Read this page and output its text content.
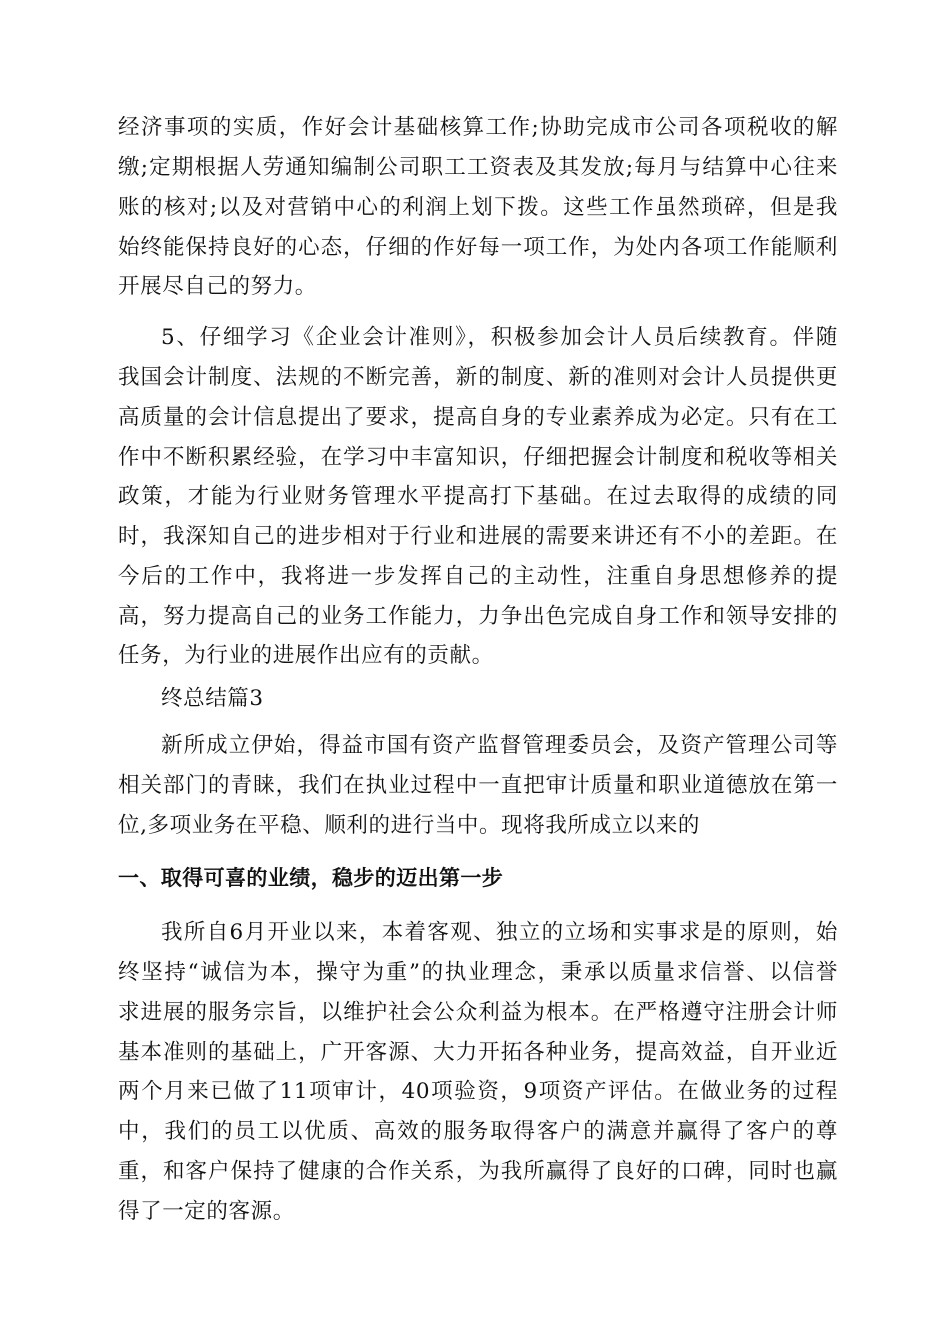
经济事项的实质，作好会计基础核算工作;协助完成市公司各项税收的解
缴;定期根据人劳通知编制公司职工工资表及其发放;每月与结算中心往来
账的核对;以及对营销中心的利润上划下拨。这些工作虽然琐碎，但是我
始终能保持良好的心态，仔细的作好每一项工作，为处内各项工作能顺利
开展尽自己的努力。
5、仔细学习《企业会计准则》，积极参加会计人员后续教育。伴随
我国会计制度、法规的不断完善，新的制度、新的准则对会计人员提供更
高质量的会计信息提出了要求，提高自身的专业素养成为必定。只有在工
作中不断积累经验，在学习中丰富知识，仔细把握会计制度和税收等相关
政策，才能为行业财务管理水平提高打下基础。在过去取得的成绩的同
时，我深知自己的进步相对于行业和进展的需要来讲还有不小的差距。在
今后的工作中，我将进一步发挥自己的主动性，注重自身思想修养的提
高，努力提高自己的业务工作能力，力争出色完成自身工作和领导安排的
任务，为行业的进展作出应有的贡献。
终总结篇3
新所成立伊始，得益市国有资产监督管理委员会，及资产管理公司等
相关部门的青睐，我们在执业过程中一直把审计质量和职业道德放在第一
位,多项业务在平稳、顺利的进行当中。现将我所成立以来的
一、取得可喜的业绩，稳步的迈出第一步
我所自6月开业以来，本着客观、独立的立场和实事求是的原则，始
终坚持“诚信为本，操守为重”的执业理念，秉承以质量求信誉、以信誉
求进展的服务宗旨，以维护社会公众利益为根本。在严格遵守注册会计师
基本准则的基础上，广开客源、大力开拓各种业务，提高效益，自开业近
两个月来已做了11项审计，40项验资，9项资产评估。在做业务的过程
中，我们的员工以优质、高效的服务取得客户的满意并赢得了客户的尊
重，和客户保持了健康的合作关系，为我所赢得了良好的口碑，同时也赢
得了一定的客源。
